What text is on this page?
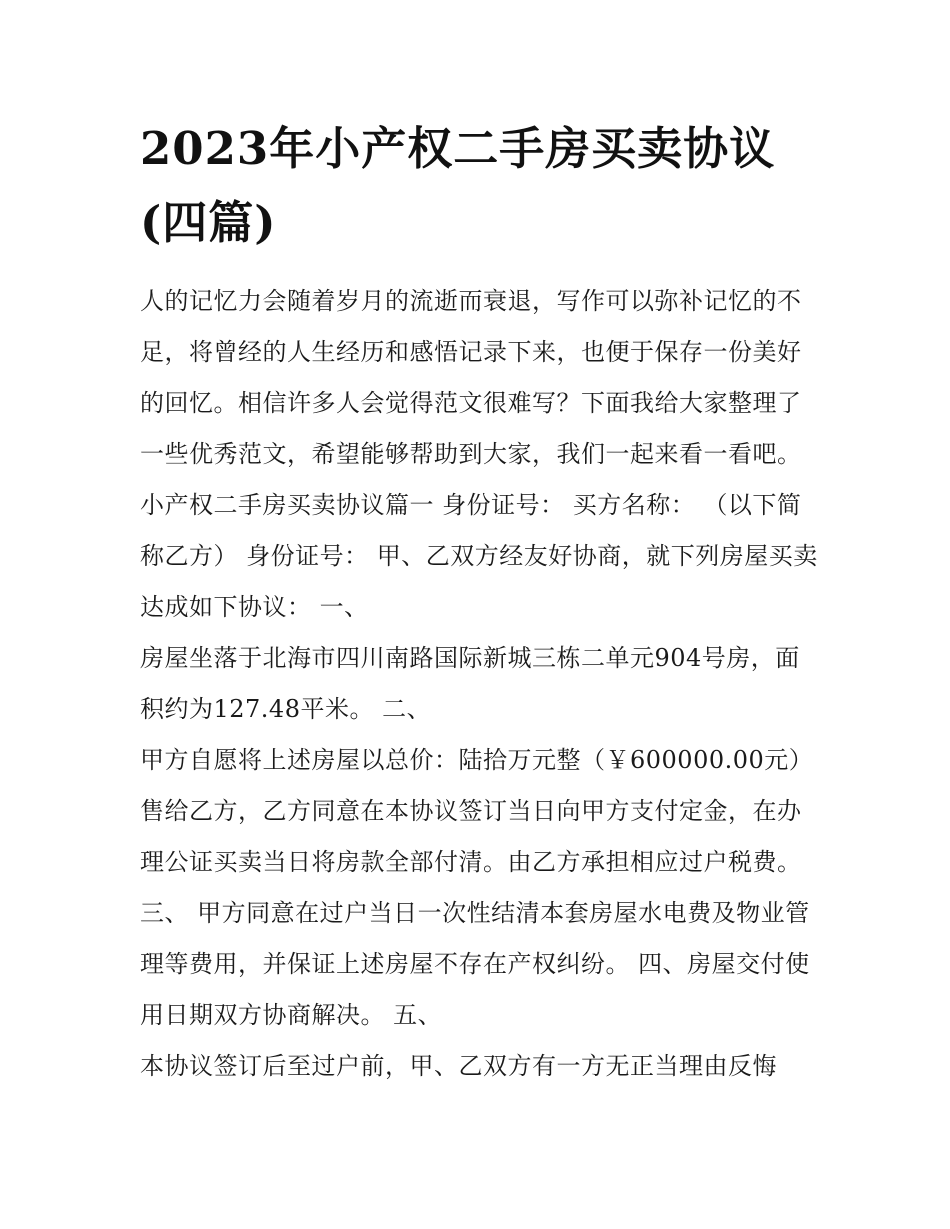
2023年小产权二手房买卖协议(四篇)

人的记忆力会随着岁月的流逝而衰退，写作可以弥补记忆的不足，将曾经的人生经历和感悟记录下来，也便于保存一份美好的回忆。相信许多人会觉得范文很难写？下面我给大家整理了一些优秀范文，希望能够帮助到大家，我们一起来看一看吧。

小产权二手房买卖协议篇一 身份证号： 买方名称： （以下简称乙方） 身份证号： 甲、乙双方经友好协商，就下列房屋买卖达成如下协议： 一、

房屋坐落于北海市四川南路国际新城三栋二单元904号房，面积约为127.48平米。 二、

甲方自愿将上述房屋以总价：陆拾万元整（￥600000.00元）售给乙方，乙方同意在本协议签订当日向甲方支付定金，在办理公证买卖当日将房款全部付清。由乙方承担相应过户税费。 三、 甲方同意在过户当日一次性结清本套房屋水电费及物业管理等费用，并保证上述房屋不存在产权纠纷。 四、房屋交付使用日期双方协商解决。 五、

本协议签订后至过户前，甲、乙双方有一方无正当理由反悔
